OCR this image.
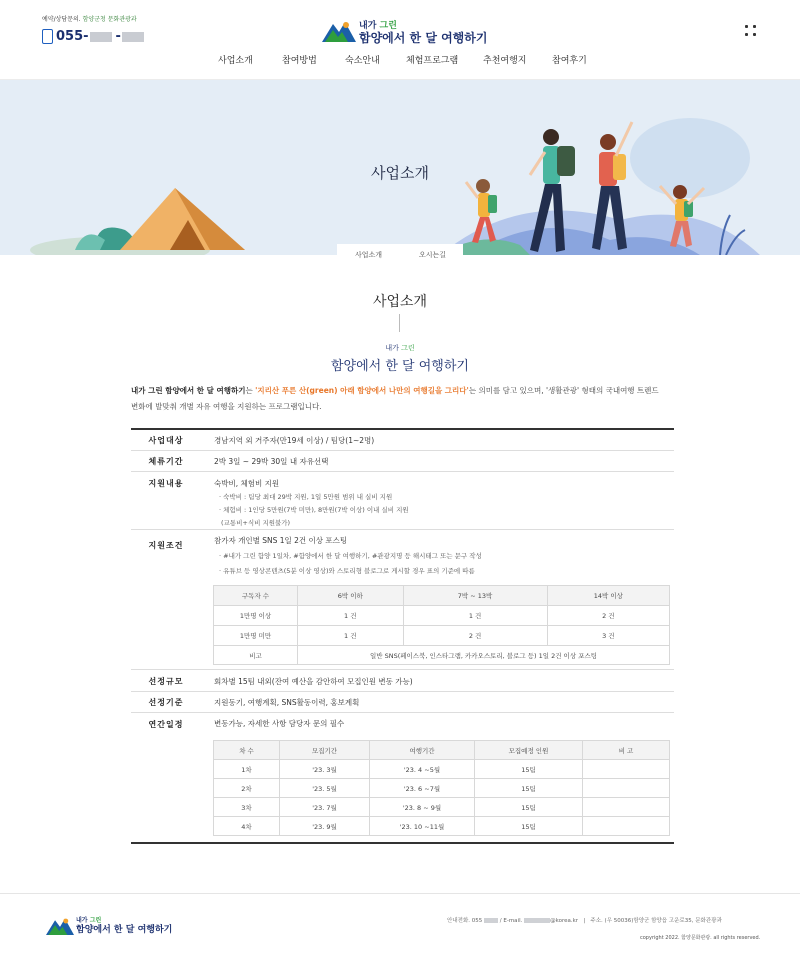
예약/상담문의. 함양군청 문화관광과
055- -
내가 그린
함양에서 한 달 여행하기
사업소개	참여방법	숙소안내	체험프로그램	추천여행지	참여후기
사업소개
사업소개	오시는길
사업소개
내가 그린
함양에서 한 달 여행하기
내가 그린 함양에서 한 달 여행하기는 '지리산 푸른 산(green) 아래 함양에서 나만의 여행길을 그리다'는 의미를 담고 있으며, '생활관광' 형태의 국내여행 트렌드
변화에 발맞춰 개별 자유 여행을 지원하는 프로그램입니다.
사업대상	경남지역 외 거주자(만19세 이상) / 팀당(1~2명)
체류기간	2박 3일 ~ 29박 30일 내 자유선택
지원내용	숙박비, 체험비 지원
· 숙박비 : 팀당 최대 29박 지원, 1일 5만원 범위 내 실비 지원
· 체험비 : 1인당 5만원(7박 미만), 8만원(7박 이상) 이내 실비 지원
(교통비+식비 지원불가)
지원조건
참가자 개인별 SNS 1일 2건 이상 포스팅
· #내가 그린 함양 1일차, #함양에서 한 달 여행하기, #관광지명 등 해시태그 또는 문구 작성
· 유튜브 등 영상콘텐츠(5분 이상 영상)와 스토리형 블로그로 게시할 경우 표의 기준에 따름
구독자 수	6박 이하	7박 ~ 13박	14박 이상
1만명 이상	1 건	1 건	2 건
1만명 미만	1 건	2 건	3 건
비고	일반 SNS(페이스북, 인스타그램, 카카오스토리, 블로그 등) 1일 2건 이상 포스팅		
선정규모	회차별 15팀 내외(잔여 예산을 감안하여 모집인원 변동 가능)
선정기준	지원동기, 여행계획, SNS활동이력, 홍보계획
연간일정	변동가능, 자세한 사항 담당자 문의 필수
차 수	모집기간	여행기간	모집예정 인원	비 고
1차	'23. 3월	'23. 4 ~5월	15팀	
2차	'23. 5월	'23. 6 ~7월	15팀	
3차	'23. 7월	'23. 8 ~ 9월	15팀	
4차	'23. 9월	'23. 10 ~11월	15팀	
내가 그린
함양에서 한 달 여행하기
안내전화. 055	/ E-mail.	@korea.kr | 주소. (우 50036)함양군 함양읍 고운로35, 문화관광과
copyright 2022. 함양문화관광. all rights reserved.
